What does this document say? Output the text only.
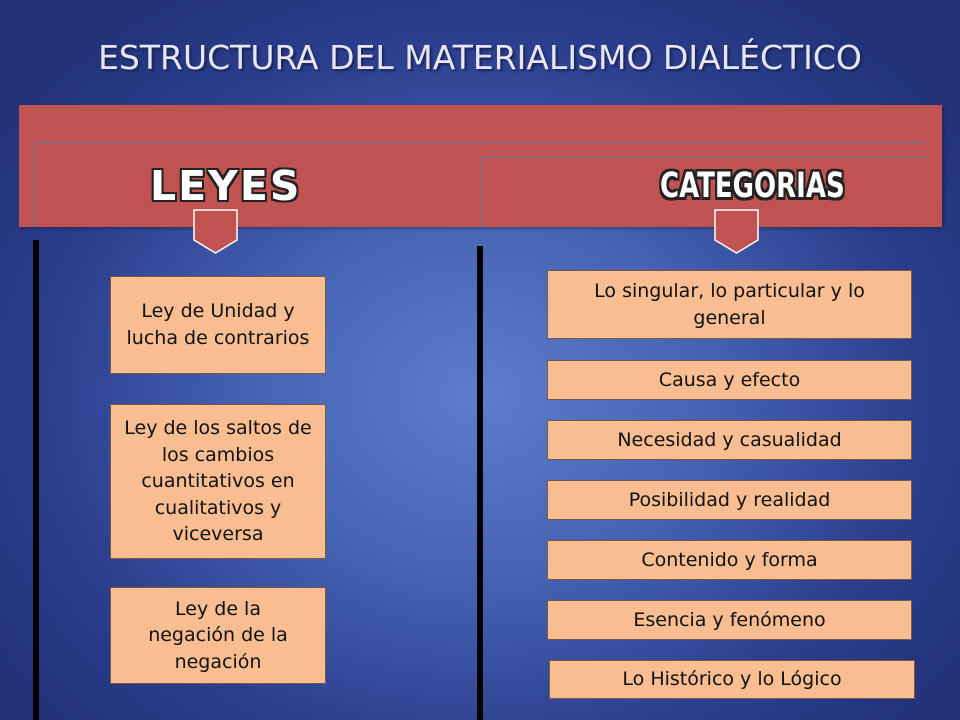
ESTRUCTURA DEL MATERIALISMO DIALÉCTICO
LEYES	CATEGORIAS
Ley de Unidad y lucha de contrarios
Ley de los saltos de los cambios cuantitativos en cualitativos y viceversa
Ley de la negación de la negación
Lo singular, lo particular y lo general
Causa y efecto
Necesidad y casualidad
Posibilidad y realidad
Contenido y forma
Esencia y fenómeno
Lo Histórico y lo Lógico
